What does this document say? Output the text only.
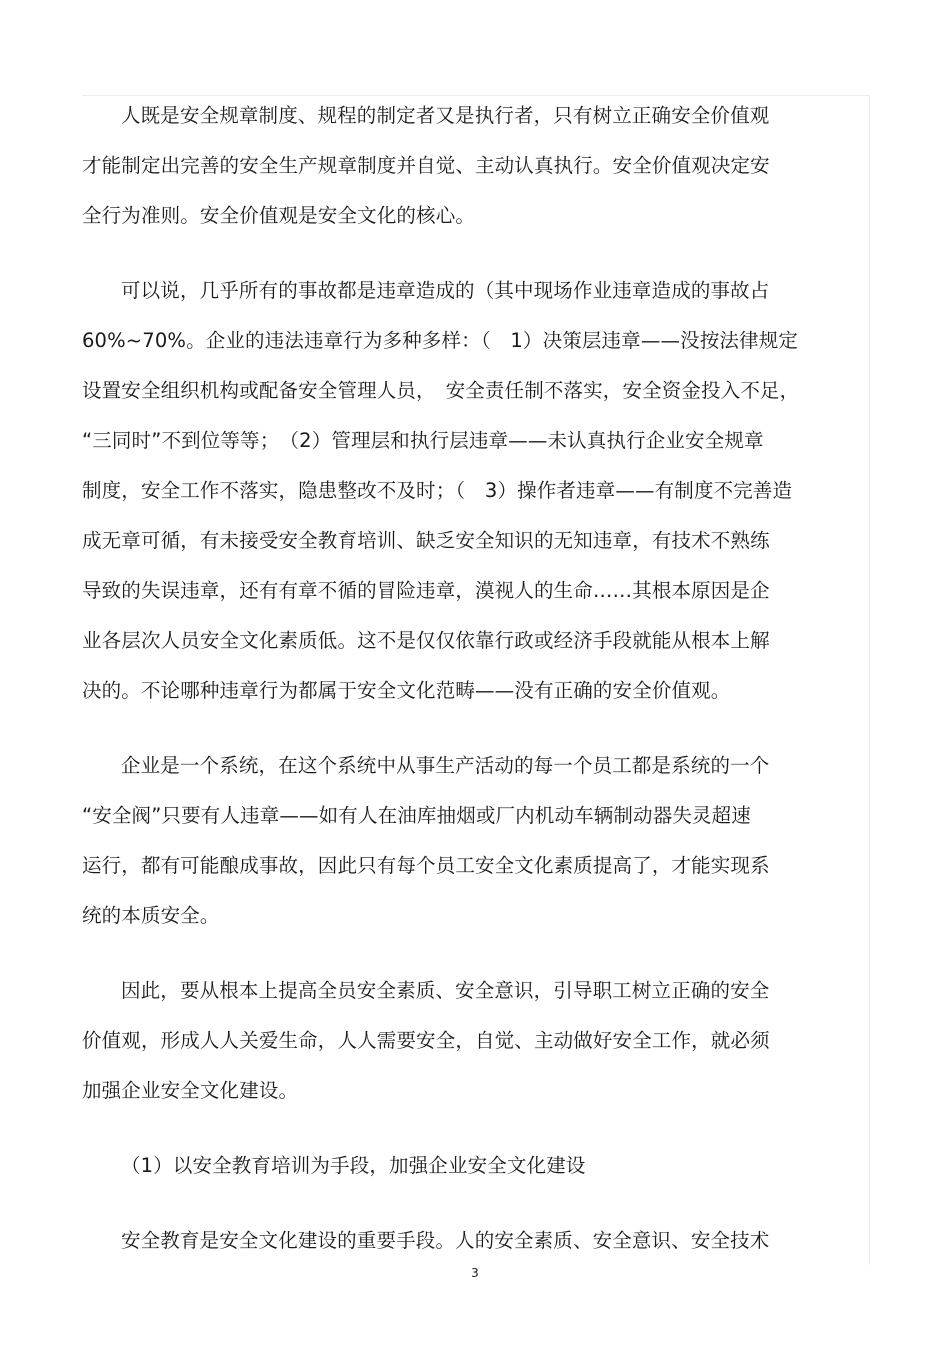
人既是安全规章制度、规程的制定者又是执行者，只有树立正确安全价值观
才能制定出完善的安全生产规章制度并自觉、主动认真执行。安全价值观决定安
全行为准则。安全价值观是安全文化的核心。
可以说，几乎所有的事故都是违章造成的（其中现场作业违章造成的事故占
60%~70%。企业的违法违章行为多种多样：（　1）决策层违章——没按法律规定
设置安全组织机构或配备安全管理人员，　安全责任制不落实，安全资金投入不足，
“三同时”不到位等等；　（2）管理层和执行层违章——未认真执行企业安全规章
制度，安全工作不落实，隐患整改不及时；（　3）操作者违章——有制度不完善造
成无章可循，有未接受安全教育培训、缺乏安全知识的无知违章，有技术不熟练
导致的失误违章，还有有章不循的冒险违章，漠视人的生命……其根本原因是企
业各层次人员安全文化素质低。这不是仅仅依靠行政或经济手段就能从根本上解
决的。不论哪种违章行为都属于安全文化范畴——没有正确的安全价值观。
企业是一个系统，在这个系统中从事生产活动的每一个员工都是系统的一个
“安全阀”只要有人违章——如有人在油库抽烟或厂内机动车辆制动器失灵超速
运行，都有可能酿成事故，因此只有每个员工安全文化素质提高了，才能实现系
统的本质安全。
因此，要从根本上提高全员安全素质、安全意识，引导职工树立正确的安全
价值观，形成人人关爱生命，人人需要安全，自觉、主动做好安全工作，就必须
加强企业安全文化建设。
（1）以安全教育培训为手段，加强企业安全文化建设
安全教育是安全文化建设的重要手段。人的安全素质、安全意识、安全技术
3
